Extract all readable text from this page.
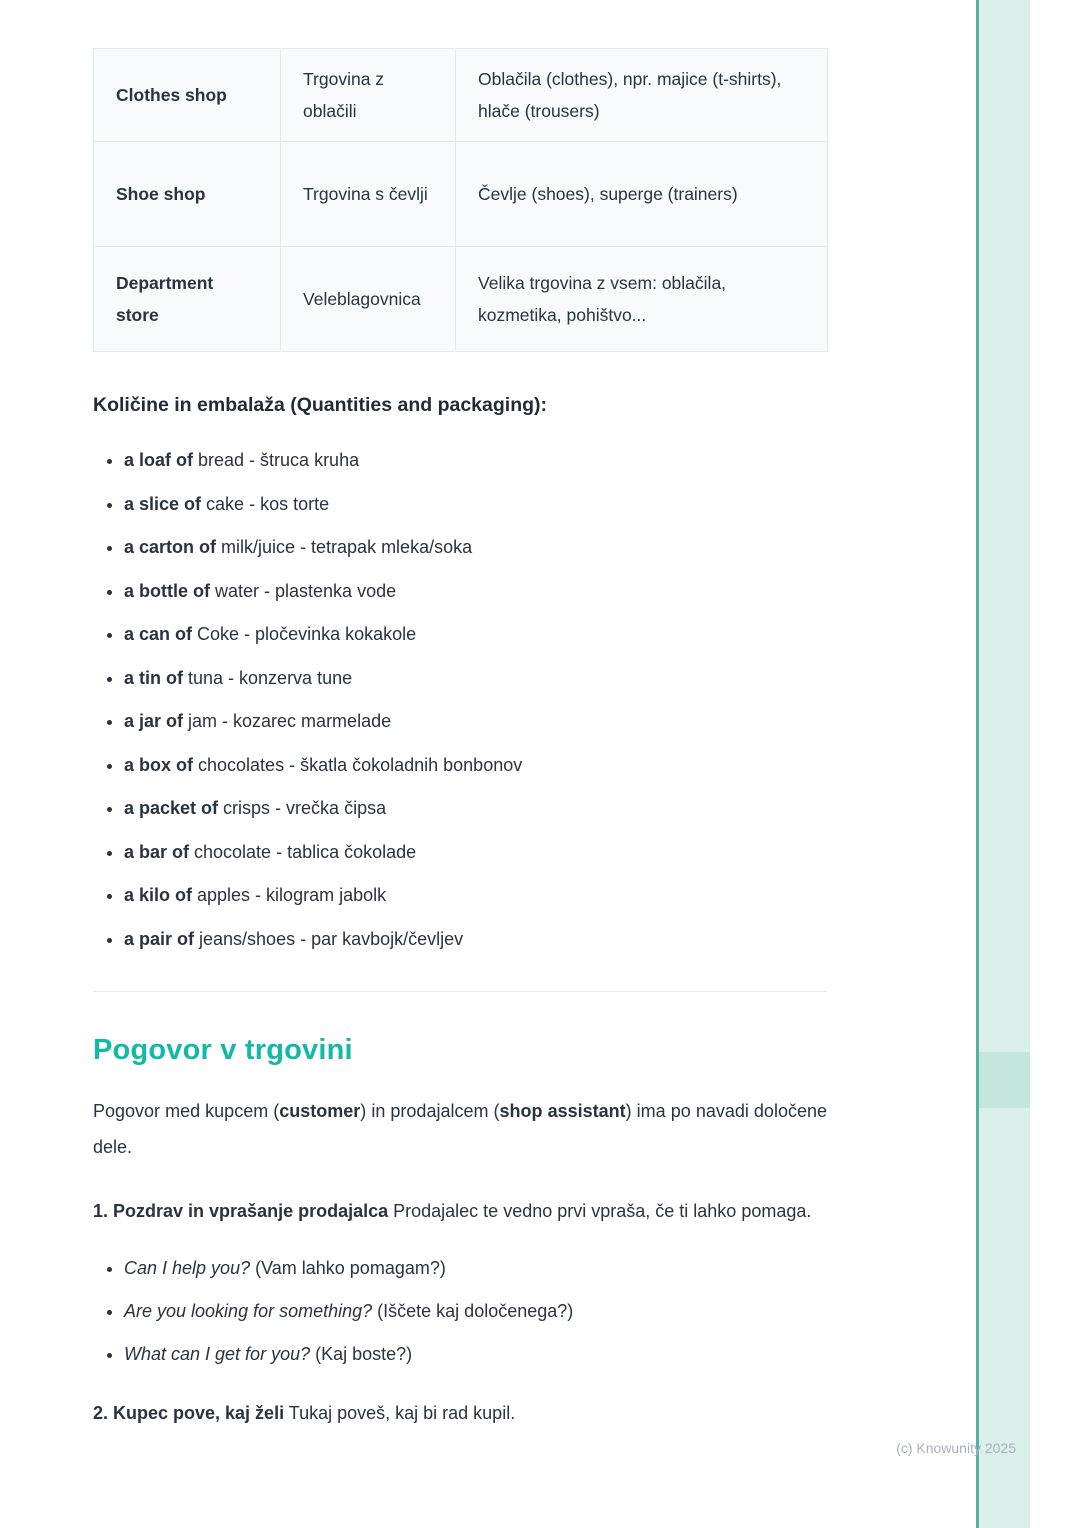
Clothes shop	Trgovina z oblačili	Oblačila (clothes), npr. majice (t-shirts), hlače (trousers)
Shoe shop	Trgovina s čevlji	Čevlje (shoes), superge (trainers)
Department store	Veleblagovnica	Velika trgovina z vsem: oblačila, kozmetika, pohištvo...
Količine in embalaža (Quantities and packaging):
• a loaf of bread - štruca kruha
• a slice of cake - kos torte
• a carton of milk/juice - tetrapak mleka/soka
• a bottle of water - plastenka vode
• a can of Coke - pločevinka kokakole
• a tin of tuna - konzerva tune
• a jar of jam - kozarec marmelade
• a box of chocolates - škatla čokoladnih bonbonov
• a packet of crisps - vrečka čipsa
• a bar of chocolate - tablica čokolade
• a kilo of apples - kilogram jabolk
• a pair of jeans/shoes - par kavbojk/čevljev
Pogovor v trgovini

Pogovor med kupcem (customer) in prodajalcem (shop assistant) ima po navadi določene dele.

1. Pozdrav in vprašanje prodajalca Prodajalec te vedno prvi vpraša, če ti lahko pomaga.

• Can I help you? (Vam lahko pomagam?)
• Are you looking for something? (Iščete kaj določenega?)
• What can I get for you? (Kaj boste?)

2. Kupec pove, kaj želi Tukaj poveš, kaj bi rad kupil.

(c) Knowunity 2025
